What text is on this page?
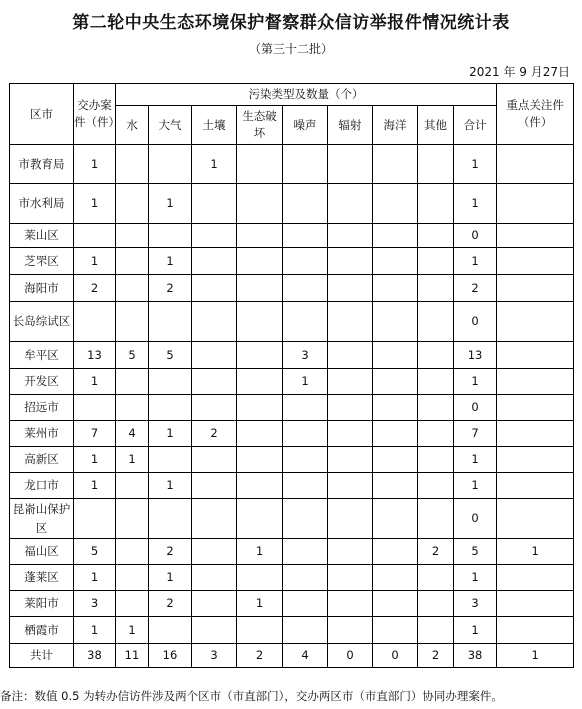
第二轮中央生态环境保护督察群众信访举报件情况统计表
（第三十二批）
2021 年 9 月27日
区市	交办案件（件）	污染类型及数量（个）									重点关注件（件）
		水	大气	土壤	生态破坏	噪声	辐射	海洋	其他	合计	
市教育局	1			1						1	
市水利局	1		1							1	
莱山区										0	
芝罘区	1		1							1	
海阳市	2		2							2	
长岛综试区										0	
牟平区	13	5	5			3				13	
开发区	1					1				1	
招远市										0	
莱州市	7	4	1	2						7	
高新区	1	1								1	
龙口市	1		1							1	
昆嵛山保护区										0	
福山区	5		2		1				2	5	1
蓬莱区	1		1							1	
莱阳市	3		2		1					3	
栖霞市	1	1								1	
共计	38	11	16	3	2	4	0	0	2	38	1
备注：数值 0.5 为转办信访件涉及两个区市（市直部门），交办两区市（市直部门）协同办理案件。
